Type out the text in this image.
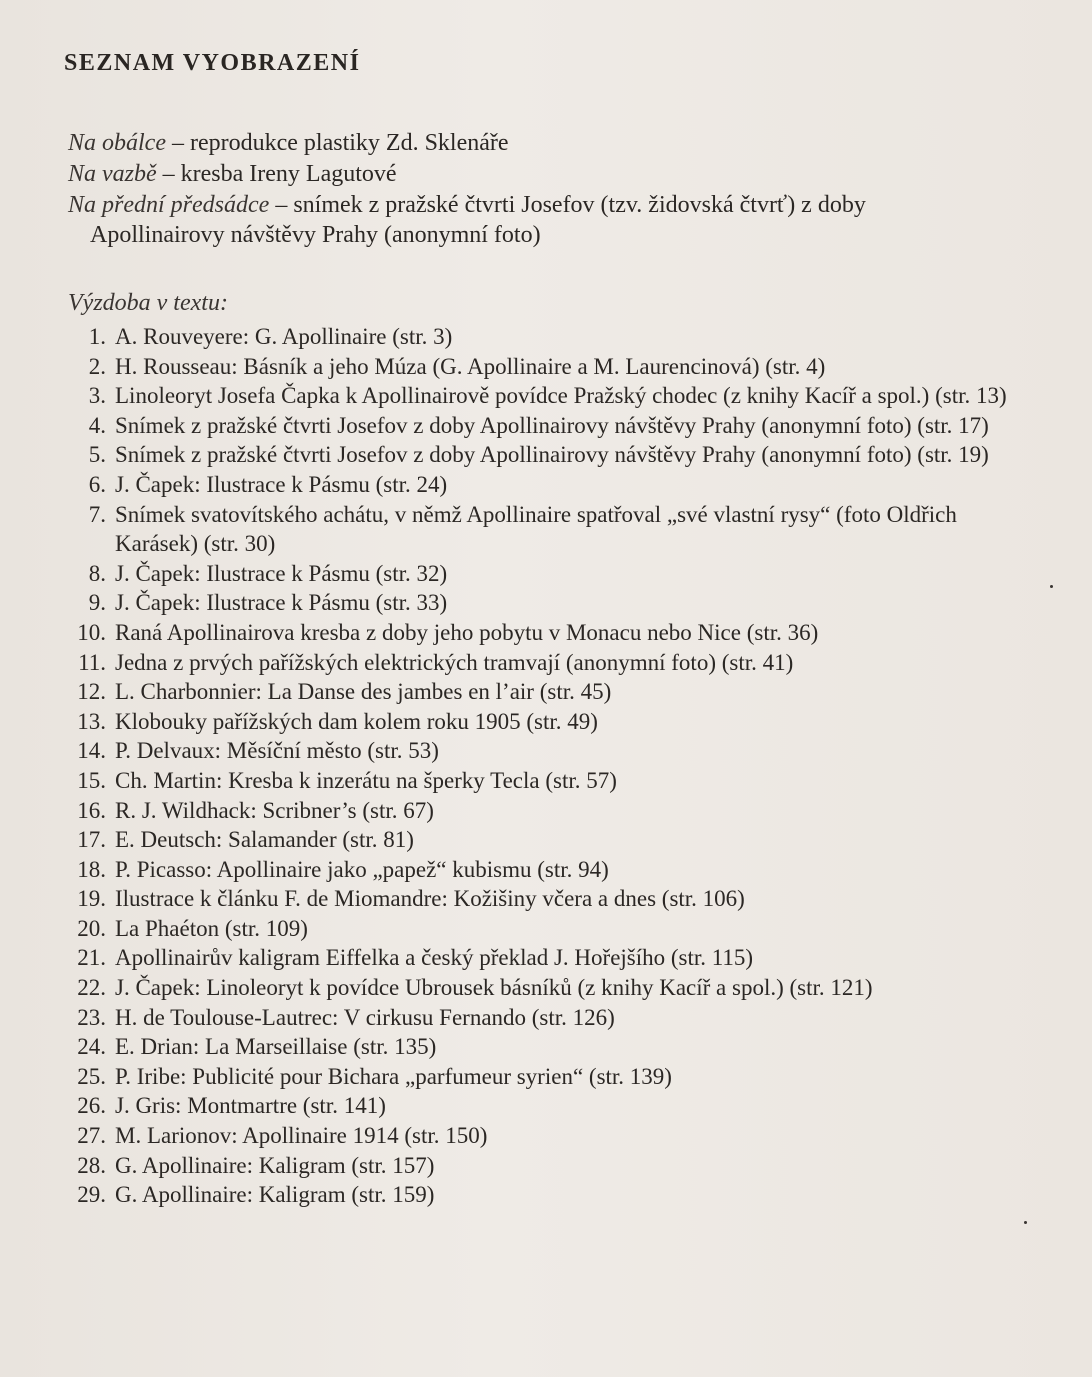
SEZNAM VYOBRAZENÍ

Na obálce – reprodukce plastiky Zd. Sklenáře

Na vazbě – kresba Ireny Lagutové

Na přední předsádce – snímek z pražské čtvrti Josefov (tzv. židovská čtvrť) z doby
Apollinairovy návštěvy Prahy (anonymní foto)

Výzdoba v textu:
1. A. Rouveyere: G. Apollinaire (str. 3)
2. H. Rousseau: Básník a jeho Múza (G. Apollinaire a M. Laurencinová) (str. 4)
3. Linoleoryt Josefa Čapka k Apollinairově povídce Pražský chodec (z knihy Kacíř a spol.) (str. 13)
4. Snímek z pražské čtvrti Josefov z doby Apollinairovy návštěvy Prahy (anonymní foto) (str. 17)
5. Snímek z pražské čtvrti Josefov z doby Apollinairovy návštěvy Prahy (anonymní foto) (str. 19)
6. J. Čapek: Ilustrace k Pásmu (str. 24)
7. Snímek svatovítského achátu, v němž Apollinaire spatřoval „své vlastní rysy“ (foto Oldřich Karásek) (str. 30)
8. J. Čapek: Ilustrace k Pásmu (str. 32)
9. J. Čapek: Ilustrace k Pásmu (str. 33)
10. Raná Apollinairova kresba z doby jeho pobytu v Monacu nebo Nice (str. 36)
11. Jedna z prvých pařížských elektrických tramvají (anonymní foto) (str. 41)
12. L. Charbonnier: La Danse des jambes en l’air (str. 45)
13. Klobouky pařížských dam kolem roku 1905 (str. 49)
14. P. Delvaux: Měsíční město (str. 53)
15. Ch. Martin: Kresba k inzerátu na šperky Tecla (str. 57)
16. R. J. Wildhack: Scribner’s (str. 67)
17. E. Deutsch: Salamander (str. 81)
18. P. Picasso: Apollinaire jako „papež“ kubismu (str. 94)
19. Ilustrace k článku F. de Miomandre: Kožišiny včera a dnes (str. 106)
20. La Phaéton (str. 109)
21. Apollinairův kaligram Eiffelka a český překlad J. Hořejšího (str. 115)
22. J. Čapek: Linoleoryt k povídce Ubrousek básníků (z knihy Kacíř a spol.) (str. 121)
23. H. de Toulouse-Lautrec: V cirkusu Fernando (str. 126)
24. E. Drian: La Marseillaise (str. 135)
25. P. Iribe: Publicité pour Bichara „parfumeur syrien“ (str. 139)
26. J. Gris: Montmartre (str. 141)
27. M. Larionov: Apollinaire 1914 (str. 150)
28. G. Apollinaire: Kaligram (str. 157)
29. G. Apollinaire: Kaligram (str. 159)
